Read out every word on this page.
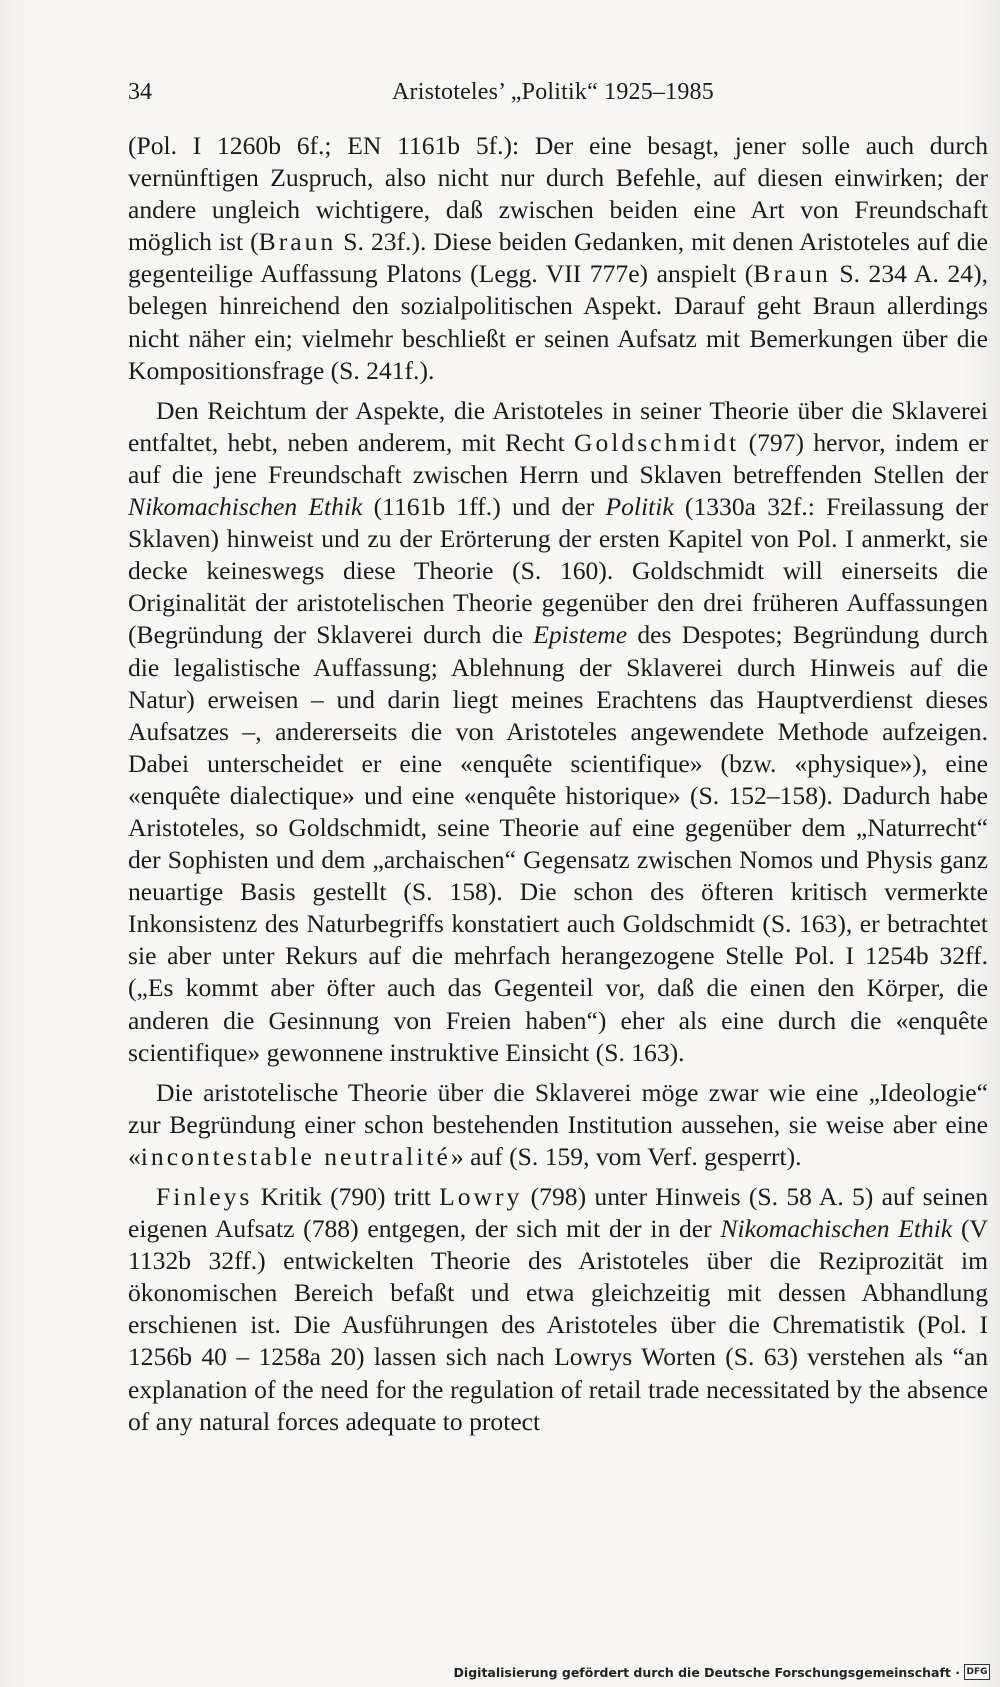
34	Aristoteles’ „Politik“ 1925–1985

(Pol. I 1260b 6f.; EN 1161b 5f.): Der eine besagt, jener solle auch durch vernünftigen Zuspruch, also nicht nur durch Befehle, auf diesen einwirken; der andere ungleich wichtigere, daß zwischen beiden eine Art von Freundschaft möglich ist (Braun S. 23f.). Diese beiden Gedanken, mit denen Aristoteles auf die gegenteilige Auffassung Platons (Legg. VII 777e) anspielt (Braun S. 234 A. 24), belegen hinreichend den sozialpolitischen Aspekt. Darauf geht Braun allerdings nicht näher ein; vielmehr beschließt er seinen Aufsatz mit Bemerkungen über die Kompositionsfrage (S. 241f.).

Den Reichtum der Aspekte, die Aristoteles in seiner Theorie über die Sklaverei entfaltet, hebt, neben anderem, mit Recht Goldschmidt (797) hervor, indem er auf die jene Freundschaft zwischen Herrn und Sklaven betreffenden Stellen der Nikomachischen Ethik (1161b 1ff.) und der Politik (1330a 32f.: Freilassung der Sklaven) hinweist und zu der Erörterung der ersten Kapitel von Pol. I anmerkt, sie decke keineswegs diese Theorie (S. 160). Goldschmidt will einerseits die Originalität der aristotelischen Theorie gegenüber den drei früheren Auffassungen (Begründung der Sklaverei durch die Episteme des Despotes; Begründung durch die legalistische Auffassung; Ablehnung der Sklaverei durch Hinweis auf die Natur) erweisen – und darin liegt meines Erachtens das Hauptverdienst dieses Aufsatzes –, andererseits die von Aristoteles angewendete Methode aufzeigen. Dabei unterscheidet er eine «enquête scientifique» (bzw. «physique»), eine «enquête dialectique» und eine «enquête historique» (S. 152–158). Dadurch habe Aristoteles, so Goldschmidt, seine Theorie auf eine gegenüber dem „Naturrecht“ der Sophisten und dem „archaischen“ Gegensatz zwischen Nomos und Physis ganz neuartige Basis gestellt (S. 158). Die schon des öfteren kritisch vermerkte Inkonsistenz des Naturbegriffs konstatiert auch Goldschmidt (S. 163), er betrachtet sie aber unter Rekurs auf die mehrfach herangezogene Stelle Pol. I 1254b 32ff. („Es kommt aber öfter auch das Gegenteil vor, daß die einen den Körper, die anderen die Gesinnung von Freien haben“) eher als eine durch die «enquête scientifique» gewonnene instruktive Einsicht (S. 163).

Die aristotelische Theorie über die Sklaverei möge zwar wie eine „Ideologie“ zur Begründung einer schon bestehenden Institution aussehen, sie weise aber eine «incontestable neutralité» auf (S. 159, vom Verf. gesperrt).

Finleys Kritik (790) tritt Lowry (798) unter Hinweis (S. 58 A. 5) auf seinen eigenen Aufsatz (788) entgegen, der sich mit der in der Nikomachischen Ethik (V 1132b 32ff.) entwickelten Theorie des Aristoteles über die Reziprozität im ökonomischen Bereich befaßt und etwa gleichzeitig mit dessen Abhandlung erschienen ist. Die Ausführungen des Aristoteles über die Chrematistik (Pol. I 1256b 40 – 1258a 20) lassen sich nach Lowrys Worten (S. 63) verstehen als “an explanation of the need for the regulation of retail trade necessitated by the absence of any natural forces adequate to protect

Digitalisierung gefördert durch die Deutsche Forschungsgemeinschaft · DFG
